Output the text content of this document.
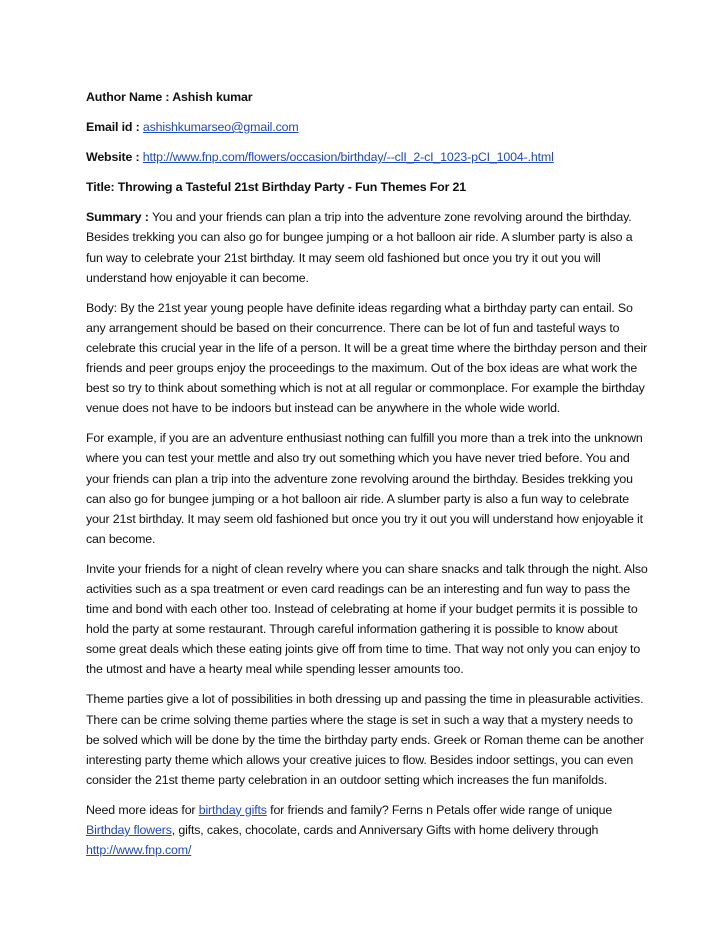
Author Name : Ashish kumar
Email id : ashishkumarseo@gmail.com
Website : http://www.fnp.com/flowers/occasion/birthday/--clI_2-cI_1023-pCI_1004-.html
Title: Throwing a Tasteful 21st Birthday Party - Fun Themes For 21

Summary : You and your friends can plan a trip into the adventure zone revolving around the birthday. Besides trekking you can also go for bungee jumping or a hot balloon air ride. A slumber party is also a fun way to celebrate your 21st birthday. It may seem old fashioned but once you try it out you will understand how enjoyable it can become.

Body: By the 21st year young people have definite ideas regarding what a birthday party can entail. So any arrangement should be based on their concurrence. There can be lot of fun and tasteful ways to celebrate this crucial year in the life of a person. It will be a great time where the birthday person and their friends and peer groups enjoy the proceedings to the maximum. Out of the box ideas are what work the best so try to think about something which is not at all regular or commonplace. For example the birthday venue does not have to be indoors but instead can be anywhere in the whole wide world.

For example, if you are an adventure enthusiast nothing can fulfill you more than a trek into the unknown where you can test your mettle and also try out something which you have never tried before. You and your friends can plan a trip into the adventure zone revolving around the birthday. Besides trekking you can also go for bungee jumping or a hot balloon air ride. A slumber party is also a fun way to celebrate your 21st birthday. It may seem old fashioned but once you try it out you will understand how enjoyable it can become.

Invite your friends for a night of clean revelry where you can share snacks and talk through the night. Also activities such as a spa treatment or even card readings can be an interesting and fun way to pass the time and bond with each other too. Instead of celebrating at home if your budget permits it is possible to hold the party at some restaurant. Through careful information gathering it is possible to know about some great deals which these eating joints give off from time to time. That way not only you can enjoy to the utmost and have a hearty meal while spending lesser amounts too.

Theme parties give a lot of possibilities in both dressing up and passing the time in pleasurable activities. There can be crime solving theme parties where the stage is set in such a way that a mystery needs to be solved which will be done by the time the birthday party ends. Greek or Roman theme can be another interesting party theme which allows your creative juices to flow. Besides indoor settings, you can even consider the 21st theme party celebration in an outdoor setting which increases the fun manifolds.

Need more ideas for birthday gifts for friends and family? Ferns n Petals offer wide range of unique Birthday flowers, gifts, cakes, chocolate, cards and Anniversary Gifts with home delivery through http://www.fnp.com/
